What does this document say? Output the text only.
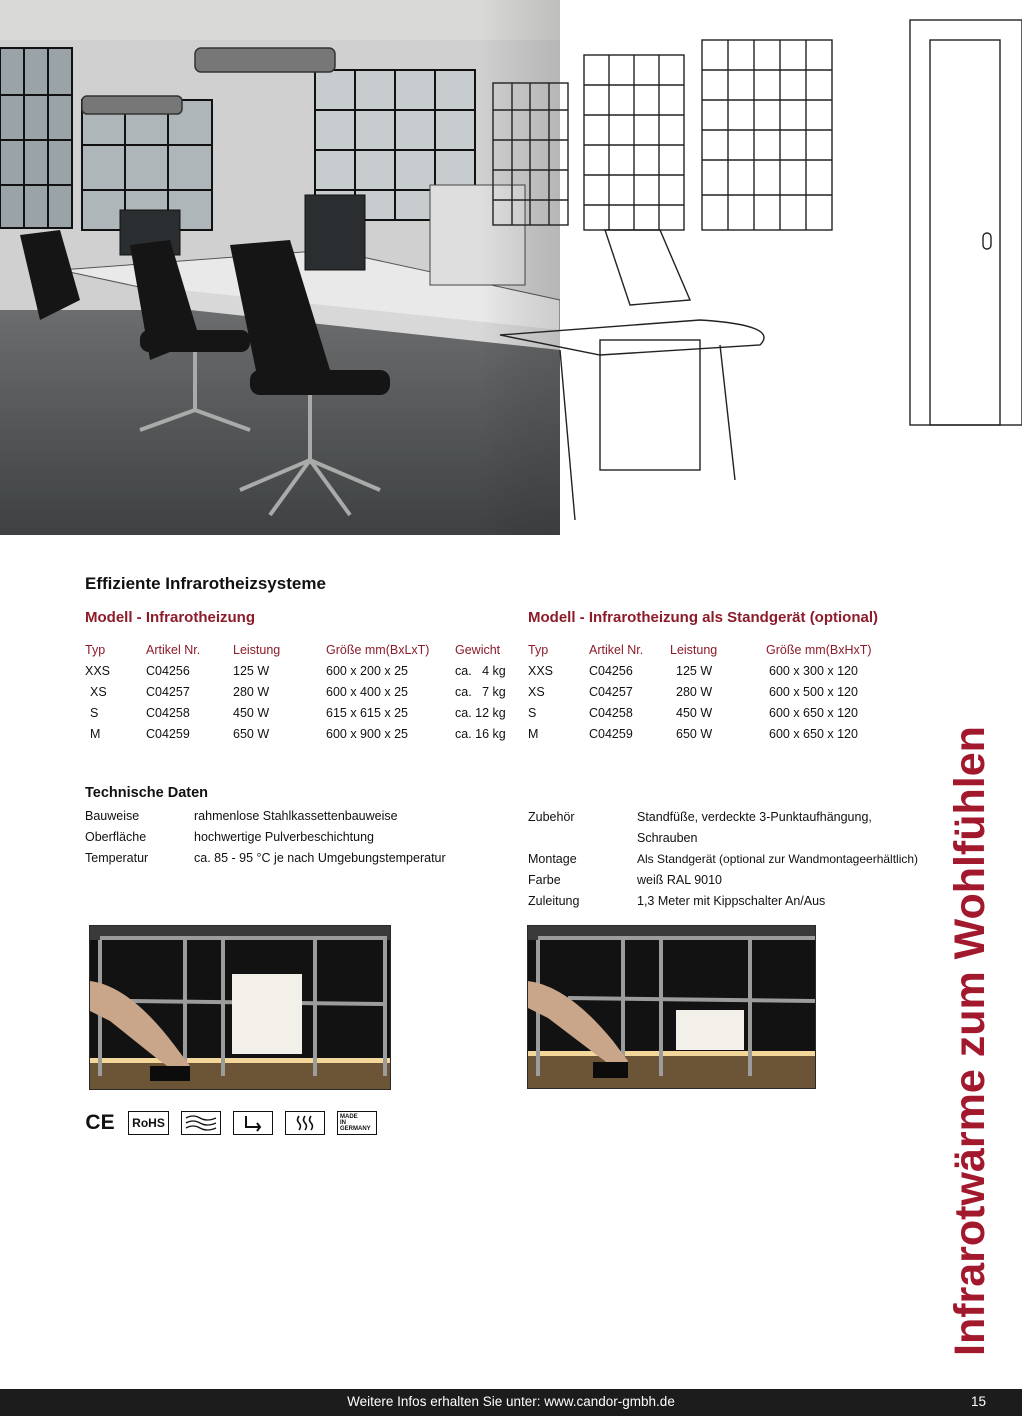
Effiziente Infrarotheizsysteme
Modell - Infrarotheizung
Typ	Artikel Nr.	Leistung	Größe mm(BxLxT)	Gewicht
XXS	C04256	125 W	600 x 200 x 25	ca.   4 kg
XS	C04257	280 W	600 x 400 x 25	ca.   7 kg
S	C04258	450 W	615 x 615 x 25	ca. 12 kg
M	C04259	650 W	600 x 900 x 25	ca. 16 kg
Modell - Infrarotheizung als Standgerät (optional)
Typ	Artikel Nr.	Leistung	Größe mm(BxHxT)
XXS	C04256	125 W	600 x 300 x 120
XS	C04257	280 W	600 x 500 x 120
S	C04258	450 W	600 x 650 x 120
M	C04259	650 W	600 x 650 x 120
Technische Daten
Bauweise	rahmenlose Stahlkassettenbauweise
Oberfläche	hochwertige Pulverbeschichtung
Temperatur	ca. 85 - 95 °C je nach Umgebungstemperatur
Zubehör	Standfüße, verdeckte 3-Punktaufhängung,
Schrauben
Montage	Als Standgerät (optional zur Wandmontageerhältlich)
Farbe	weiß RAL 9010
Zuleitung	1,3 Meter mit Kippschalter An/Aus
CE	RoHS	MADE
IN
GERMANY	Infrarotwärme zum Wohlfühlen
Weitere Infos erhalten Sie unter: www.candor-gmbh.de	15
